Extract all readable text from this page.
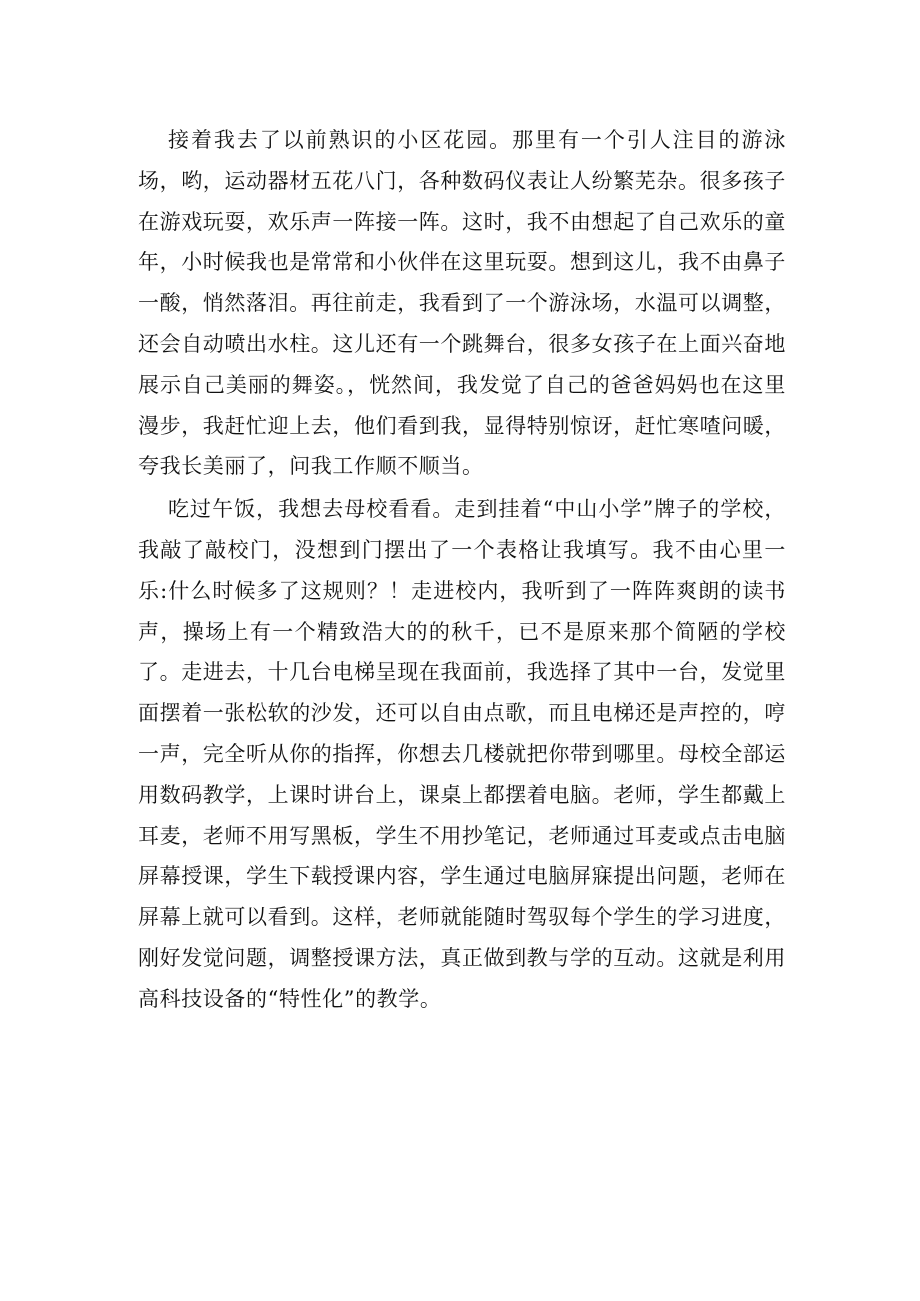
接着我去了以前熟识的小区花园。那里有一个引人注目的游泳场，哟，运动器材五花八门，各种数码仪表让人纷繁芜杂。很多孩子在游戏玩耍，欢乐声一阵接一阵。这时，我不由想起了自己欢乐的童年，小时候我也是常常和小伙伴在这里玩耍。想到这儿，我不由鼻子一酸，悄然落泪。再往前走，我看到了一个游泳场，水温可以调整，还会自动喷出水柱。这儿还有一个跳舞台，很多女孩子在上面兴奋地展示自己美丽的舞姿。，恍然间，我发觉了自己的爸爸妈妈也在这里漫步，我赶忙迎上去，他们看到我，显得特别惊讶，赶忙寒喳问暖，夸我长美丽了，问我工作顺不顺当。

吃过午饭，我想去母校看看。走到挂着“中山小学”牌子的学校，我敲了敲校门，没想到门摆出了一个表格让我填写。我不由心里一乐:什么时候多了这规则？！走进校内，我听到了一阵阵爽朗的读书声，操场上有一个精致浩大的的秋千，已不是原来那个简陋的学校了。走进去，十几台电梯呈现在我面前，我选择了其中一台，发觉里面摆着一张松软的沙发，还可以自由点歌，而且电梯还是声控的，哼一声，完全听从你的指挥，你想去几楼就把你带到哪里。母校全部运用数码教学，上课时讲台上，课桌上都摆着电脑。老师，学生都戴上耳麦，老师不用写黑板，学生不用抄笔记，老师通过耳麦或点击电脑屏幕授课，学生下载授课内容，学生通过电脑屏寐提出问题，老师在屏幕上就可以看到。这样，老师就能随时驾驭每个学生的学习进度，刚好发觉问题，调整授课方法，真正做到教与学的互动。这就是利用高科技设备的“特性化”的教学。
